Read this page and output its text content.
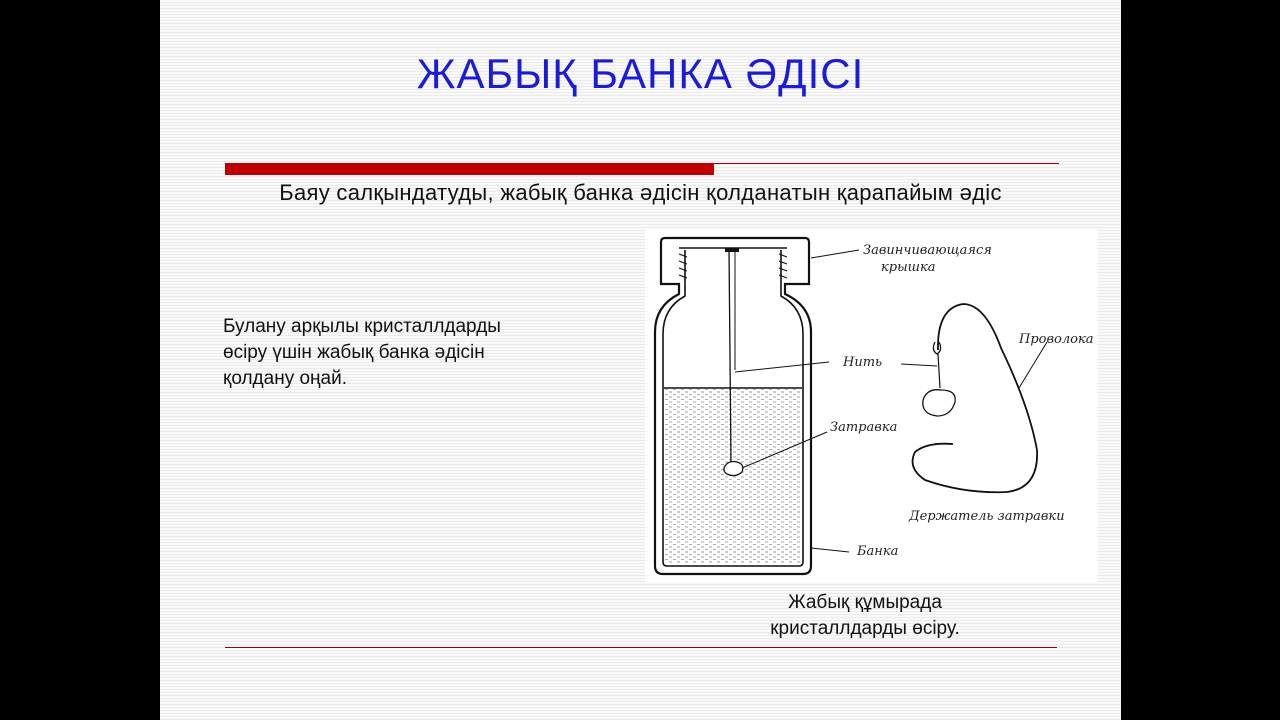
ЖАБЫҚ БАНКА ӘДІСІ
Баяу салқындатуды, жабық банка әдісін қолданатын қарапайым әдіс
Булану арқылы кристаллдарды
өсіру үшін жабық банка әдісін
қолдану оңай.
Завинчивающаяся
крышка
Нить
Затравка
Банка
Проволока
Держатель затравки
Жабық құмырада
кристаллдарды өсіру.
